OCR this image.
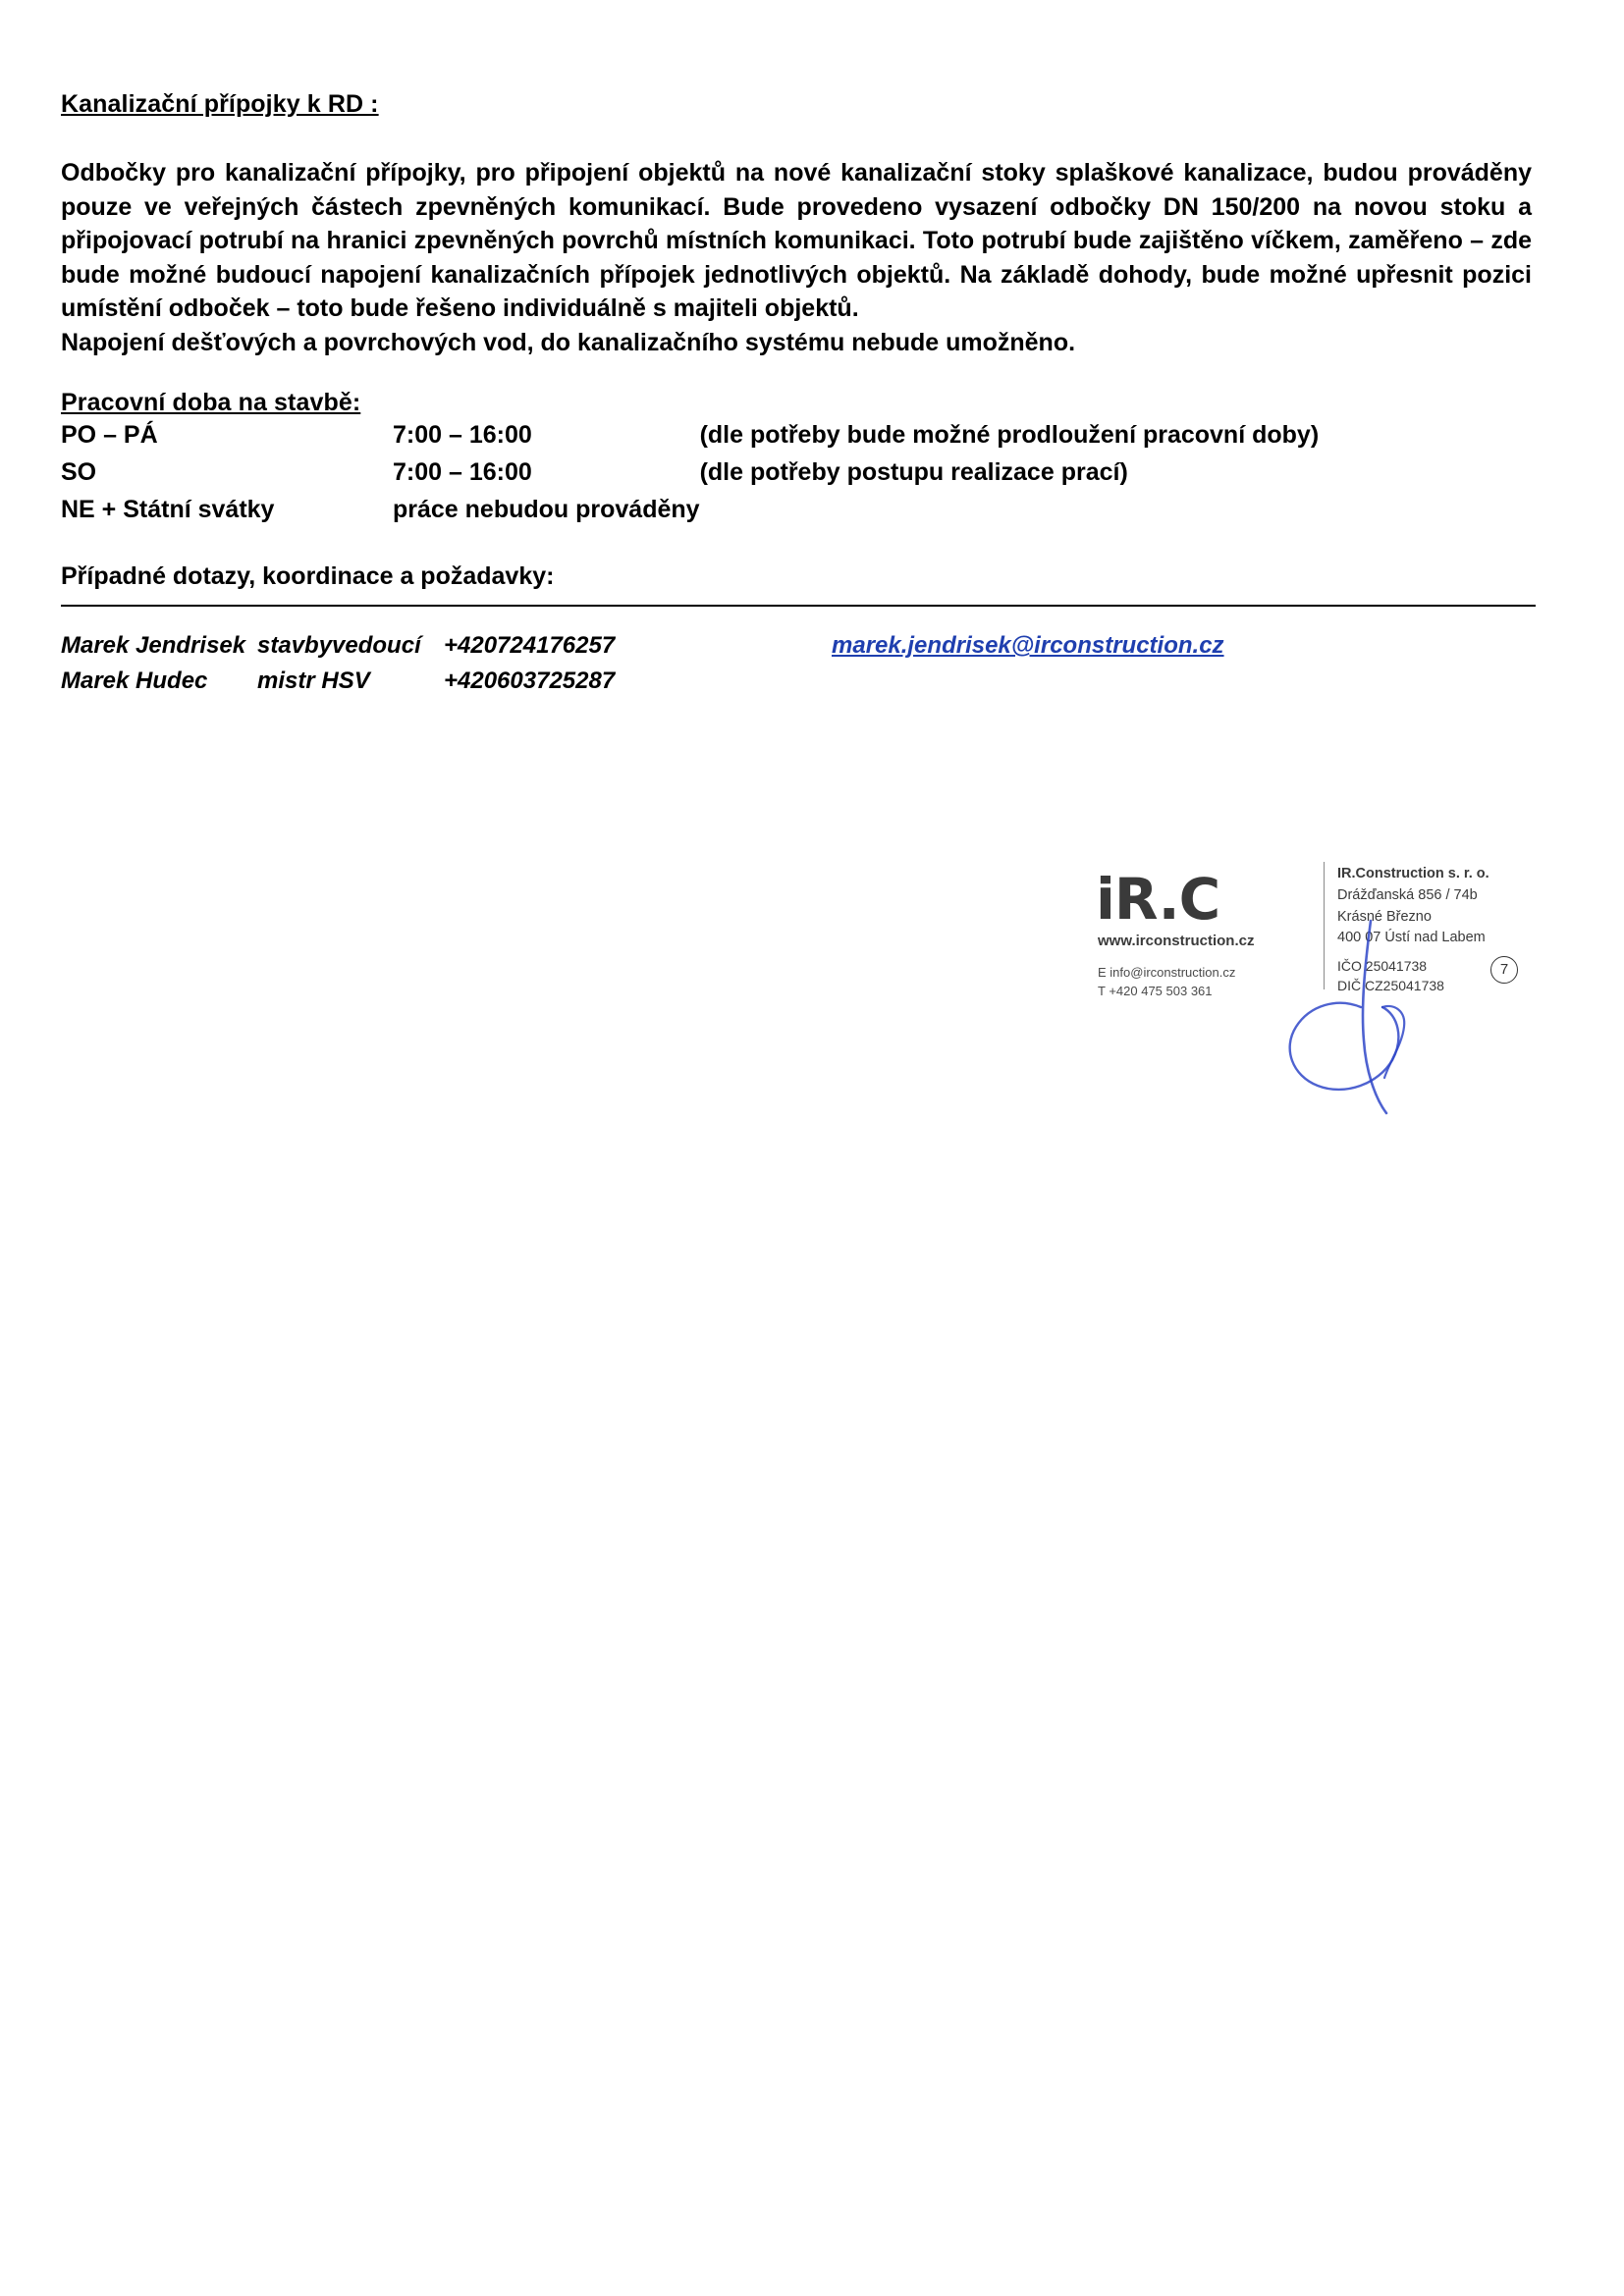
Kanalizační přípojky k RD :

Odbočky pro kanalizační přípojky, pro připojení objektů na nové kanalizační stoky splaškové kanalizace, budou prováděny pouze ve veřejných částech zpevněných komunikací. Bude provedeno vysazení odbočky DN 150/200 na novou stoku a připojovací potrubí na hranici zpevněných povrchů místních komunikaci. Toto potrubí bude zajištěno víčkem, zaměřeno – zde bude možné budoucí napojení kanalizačních přípojek jednotlivých objektů. Na základě dohody, bude možné upřesnit pozici umístění odboček – toto bude řešeno individuálně s majiteli objektů.

Napojení dešťových a povrchových vod, do kanalizačního systému nebude umožněno.

Pracovní doba na stavbě:
PO – PÁ	7:00 – 16:00	(dle potřeby bude možné prodloužení pracovní doby)
SO	7:00 – 16:00	(dle potřeby postupu realizace prací)
NE + Státní svátky	práce nebudou prováděny	
Případné dotazy, koordinace a požadavky:
Marek Jendrisek	stavbyvedoucí	+420724176257	marek.jendrisek@irconstruction.cz
Marek Hudec	mistr HSV	+420603725287	
iR.C
www.irconstruction.cz
E info@irconstruction.cz
T +420 475 503 361
IR.Construction s. r. o.
Drážďanská 856 / 74b
Krásné Březno
400 07 Ústí nad Labem
IČO 25041738
DIČ CZ25041738
7
